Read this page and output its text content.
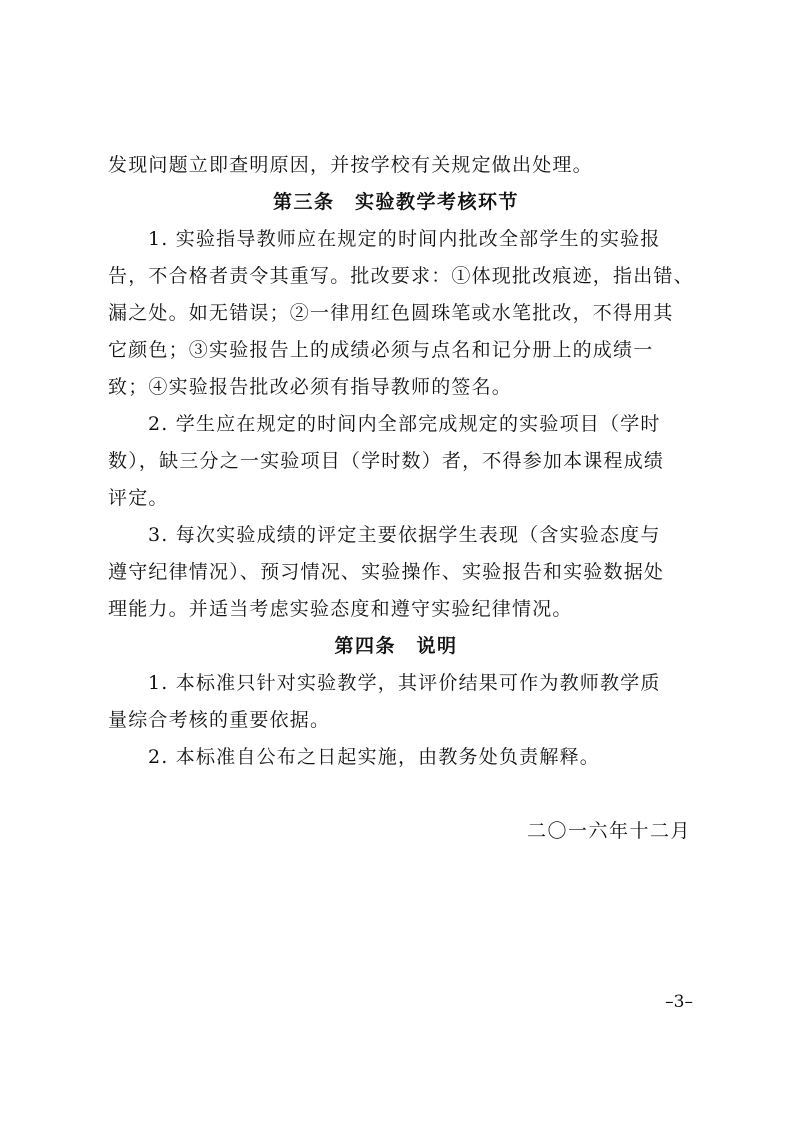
发现问题立即查明原因，并按学校有关规定做出处理。
第三条　实验教学考核环节
1. 实验指导教师应在规定的时间内批改全部学生的实验报
告，不合格者责令其重写。批改要求：①体现批改痕迹，指出错、
漏之处。如无错误；②一律用红色圆珠笔或水笔批改，不得用其
它颜色；③实验报告上的成绩必须与点名和记分册上的成绩一
致；④实验报告批改必须有指导教师的签名。
2. 学生应在规定的时间内全部完成规定的实验项目（学时
数），缺三分之一实验项目（学时数）者，不得参加本课程成绩
评定。
3. 每次实验成绩的评定主要依据学生表现（含实验态度与
遵守纪律情况）、预习情况、实验操作、实验报告和实验数据处
理能力。并适当考虑实验态度和遵守实验纪律情况。
第四条　说明
1. 本标准只针对实验教学，其评价结果可作为教师教学质
量综合考核的重要依据。
2. 本标准自公布之日起实施，由教务处负责解释。
二〇一六年十二月
–3–
